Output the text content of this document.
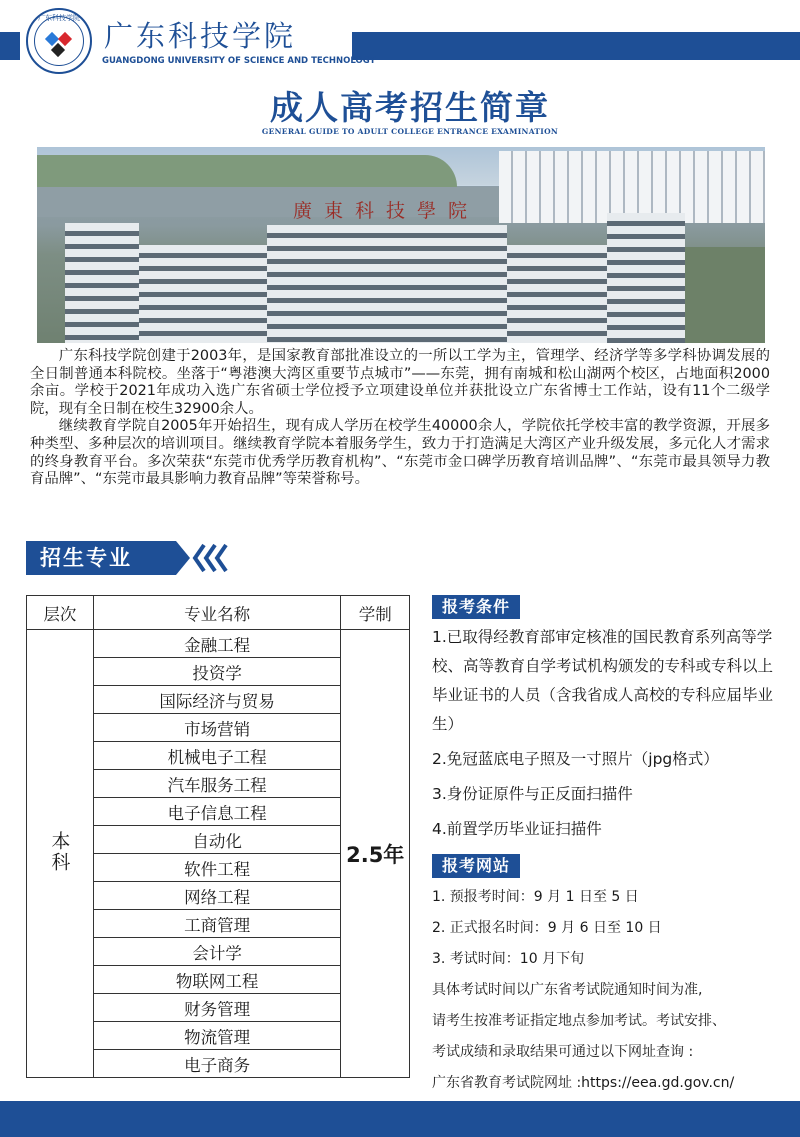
广东科技学院
广东科技学院
GUANGDONG UNIVERSITY OF SCIENCE AND TECHNOLOGY
成人高考招生简章
GENERAL GUIDE TO ADULT COLLEGE ENTRANCE EXAMINATION
廣東科技學院

广东科技学院创建于2003年，是国家教育部批准设立的一所以工学为主，管理学、经济学等多学科协调发展的全日制普通本科院校。坐落于“粤港澳大湾区重要节点城市”——东莞，拥有南城和松山湖两个校区，占地面积2000余亩。学校于2021年成功入选广东省硕士学位授予立项建设单位并获批设立广东省博士工作站，设有11个二级学院，现有全日制在校生32900余人。

继续教育学院自2005年开始招生，现有成人学历在校学生40000余人，学院依托学校丰富的教学资源，开展多种类型、多种层次的培训项目。继续教育学院本着服务学生，致力于打造满足大湾区产业升级发展，多元化人才需求的终身教育平台。多次荣获“东莞市优秀学历教育机构”、“东莞市金口碑学历教育培训品牌”、“东莞市最具领导力教育品牌”、“东莞市最具影响力教育品牌”等荣誉称号。

招生专业
层次	专业名称	学制
本科	金融工程	2.5年
	投资学	
	国际经济与贸易	
	市场营销	
	机械电子工程	
	汽车服务工程	
	电子信息工程	
	自动化	
	软件工程	
	网络工程	
	工商管理	
	会计学	
	物联网工程	
	财务管理	
	物流管理	
	电子商务	
报考条件
1.已取得经教育部审定核准的国民教育系列高等学校、高等教育自学考试机构颁发的专科或专科以上毕业证书的人员（含我省成人高校的专科应届毕业生）
2.免冠蓝底电子照及一寸照片（jpg格式）
3.身份证原件与正反面扫描件
4.前置学历毕业证扫描件
报考网站
1. 预报考时间：9 月 1 日至 5 日
2. 正式报名时间：9 月 6 日至 10 日
3. 考试时间：10 月下旬
具体考试时间以广东省考试院通知时间为准,
请考生按准考证指定地点参加考试。考试安排、
考试成绩和录取结果可通过以下网址查询 :
广东省教育考试院网址 :https://eea.gd.gov.cn/
